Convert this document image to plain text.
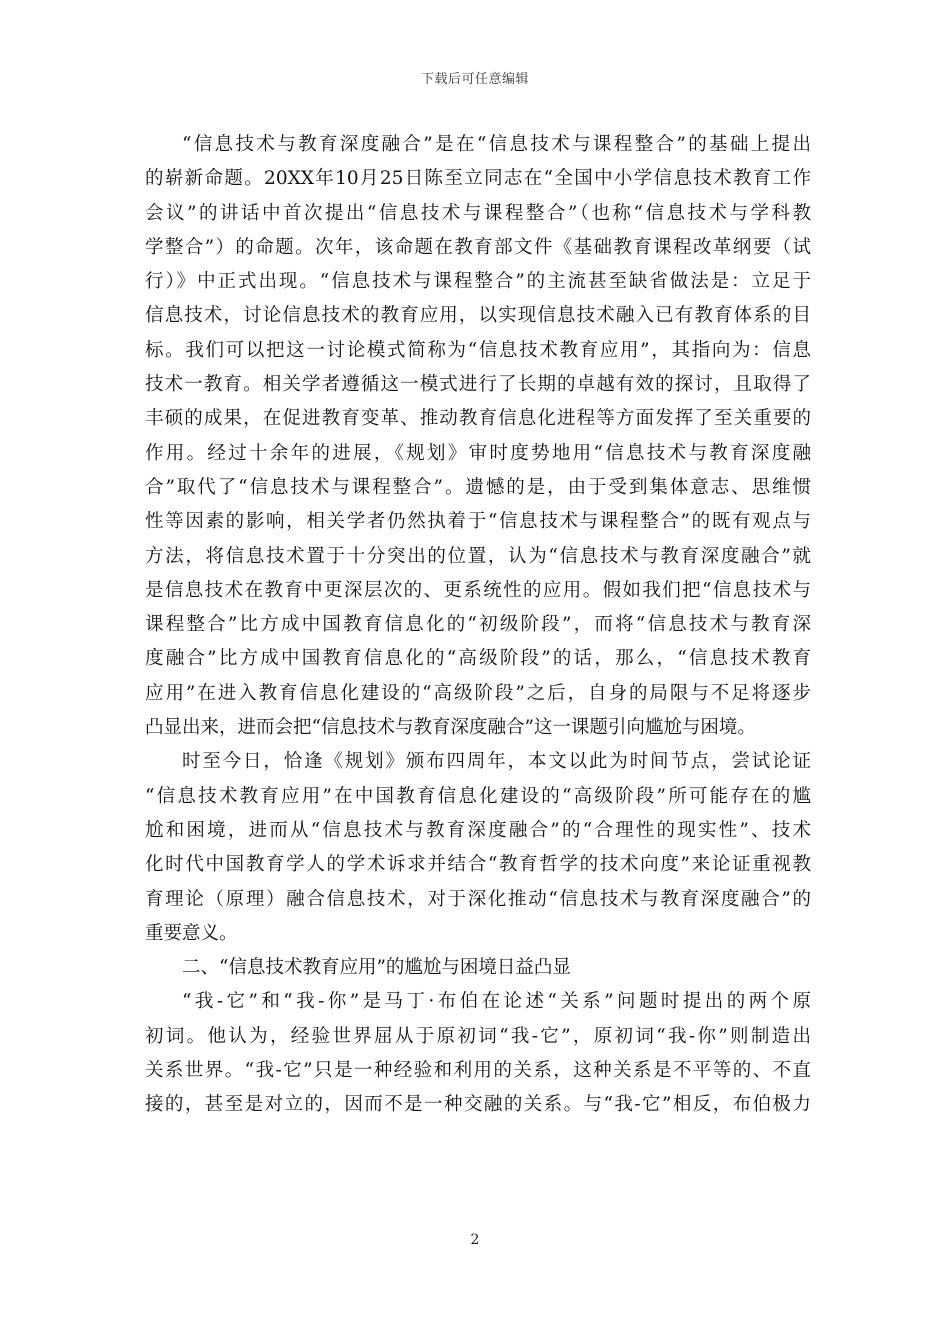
下载后可任意编辑
“信息技术与教育深度融合”是在“信息技术与课程整合”的基础上提出
的崭新命题。20XX年10月25日陈至立同志在“全国中小学信息技术教育工作
会议”的讲话中首次提出“信息技术与课程整合”（也称“信息技术与学科教
学整合”）的命题。次年，该命题在教育部文件《基础教育课程改革纲要（试
行）》中正式出现。“信息技术与课程整合”的主流甚至缺省做法是：立足于
信息技术，讨论信息技术的教育应用，以实现信息技术融入已有教育体系的目
标。我们可以把这一讨论模式简称为“信息技术教育应用”，其指向为：信息
技术一教育。相关学者遵循这一模式进行了长期的卓越有效的探讨，且取得了
丰硕的成果，在促进教育变革、推动教育信息化进程等方面发挥了至关重要的
作用。经过十余年的进展，《规划》审时度势地用“信息技术与教育深度融
合”取代了“信息技术与课程整合”。遗憾的是，由于受到集体意志、思维惯
性等因素的影响，相关学者仍然执着于“信息技术与课程整合”的既有观点与
方法，将信息技术置于十分突出的位置，认为“信息技术与教育深度融合”就
是信息技术在教育中更深层次的、更系统性的应用。假如我们把“信息技术与
课程整合”比方成中国教育信息化的“初级阶段”，而将“信息技术与教育深
度融合”比方成中国教育信息化的“高级阶段”的话，那么，“信息技术教育
应用”在进入教育信息化建设的“高级阶段”之后，自身的局限与不足将逐步
凸显出来，进而会把“信息技术与教育深度融合”这一课题引向尴尬与困境。
时至今日，恰逢《规划》颁布四周年，本文以此为时间节点，尝试论证
“信息技术教育应用”在中国教育信息化建设的“高级阶段”所可能存在的尴
尬和困境，进而从“信息技术与教育深度融合”的“合理性的现实性”、技术
化时代中国教育学人的学术诉求并结合“教育哲学的技术向度”来论证重视教
育理论（原理）融合信息技术，对于深化推动“信息技术与教育深度融合”的
重要意义。
二、“信息技术教育应用”的尴尬与困境日益凸显
“我-它”和“我-你”是马丁·布伯在论述“关系”问题时提出的两个原
初词。他认为，经验世界屈从于原初词“我-它”，原初词“我-你”则制造出
关系世界。“我-它”只是一种经验和利用的关系，这种关系是不平等的、不直
接的，甚至是对立的，因而不是一种交融的关系。与“我-它”相反，布伯极力
2
